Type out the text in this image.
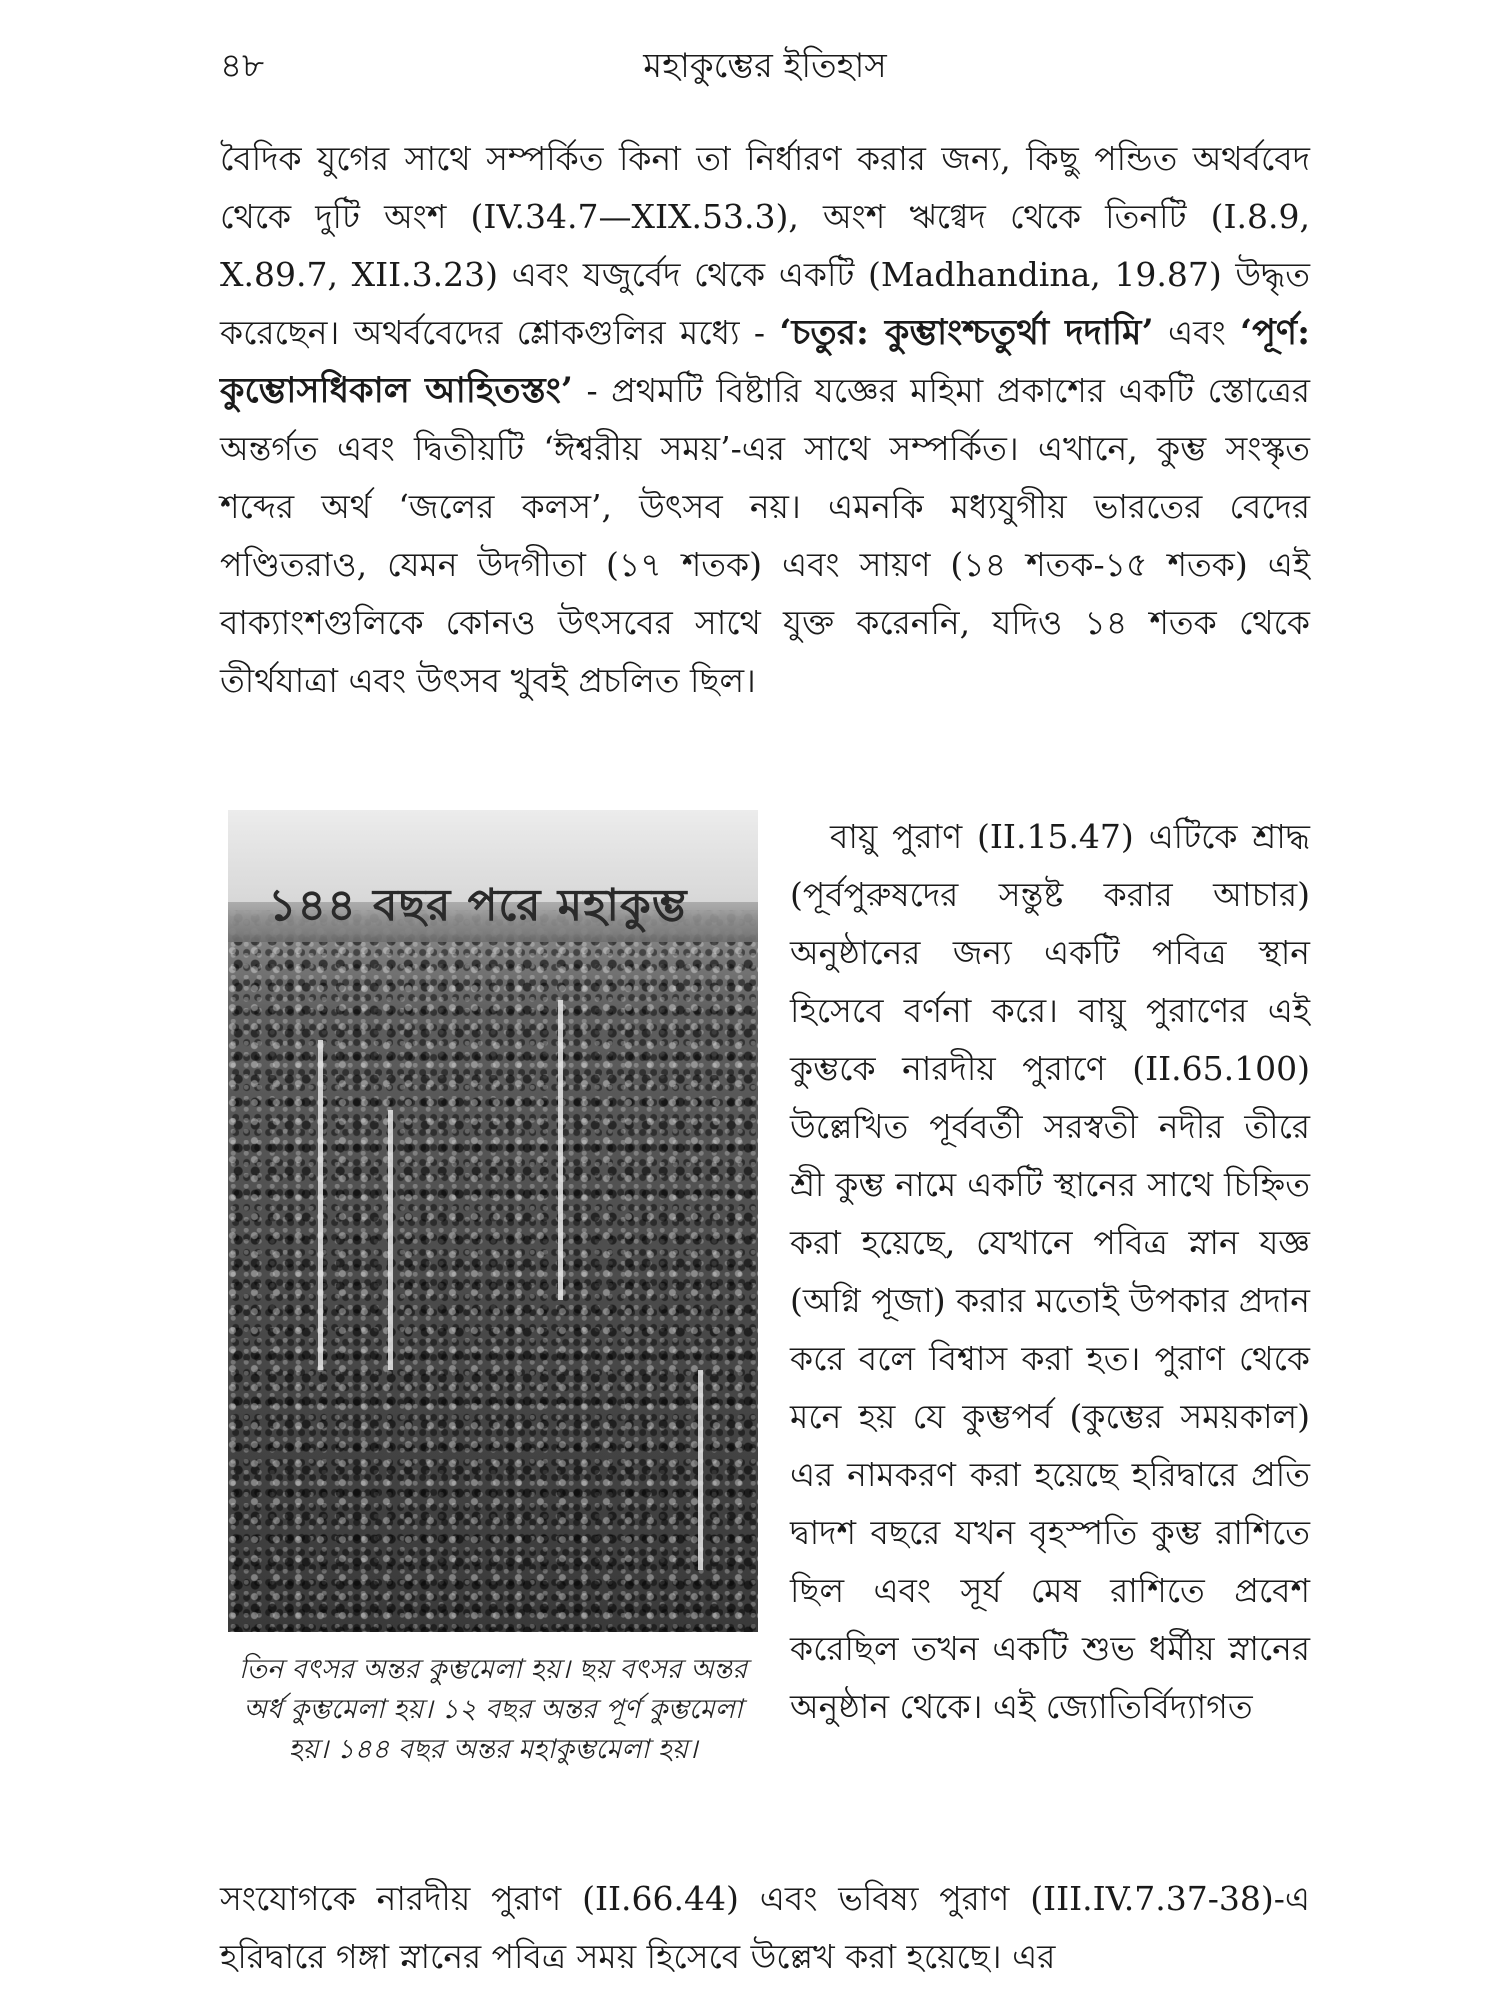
৪৮	মহাকুম্ভের ইতিহাস

বৈদিক যুগের সাথে সম্পর্কিত কিনা তা নির্ধারণ করার জন্য, কিছু পন্ডিত অথর্ববেদ থেকে দুটি অংশ (IV.34.7—XIX.53.3), অংশ ঋগ্বেদ থেকে তিনটি (I.8.9, X.89.7, XII.3.23) এবং যজুর্বেদ থেকে একটি (Madhandina, 19.87) উদ্ধৃত করেছেন। অথর্ববেদের শ্লোকগুলির মধ্যে - ‘চতুর: কুম্ভাংশ্চতুর্থা দদামি’ এবং ‘পূর্ণ: কুম্ভোসধিকাল আহিতস্তং’ - প্রথমটি বিষ্টারি যজ্ঞের মহিমা প্রকাশের একটি স্তোত্রের অন্তর্গত এবং দ্বিতীয়টি ‘ঈশ্বরীয় সময়’-এর সাথে সম্পর্কিত। এখানে, কুম্ভ সংস্কৃত শব্দের অর্থ ‘জলের কলস’, উৎসব নয়। এমনকি মধ্যযুগীয় ভারতের বেদের পণ্ডিতরাও, যেমন উদগীতা (১৭ শতক) এবং সায়ণ (১৪ শতক-১৫ শতক) এই বাক্যাংশগুলিকে কোনও উৎসবের সাথে যুক্ত করেননি, যদিও ১৪ শতক থেকে তীর্থযাত্রা এবং উৎসব খুবই প্রচলিত ছিল।

১৪৪ বছর পরে মহাকুম্ভ
তিন বৎসর অন্তর কুম্ভমেলা হয়। ছয় বৎসর অন্তর অর্ধ কুম্ভমেলা হয়। ১২ বছর অন্তর পূর্ণ কুম্ভমেলা হয়। ১৪৪ বছর অন্তর মহাকুম্ভমেলা হয়।

বায়ু পুরাণ (II.15.47) এটিকে শ্রাদ্ধ (পূর্বপুরুষদের সন্তুষ্ট করার আচার) অনুষ্ঠানের জন্য একটি পবিত্র স্থান হিসেবে বর্ণনা করে। বায়ু পুরাণের এই কুম্ভকে নারদীয় পুরাণে (II.65.100) উল্লেখিত পূর্ববর্তী সরস্বতী নদীর তীরে শ্রী কুম্ভ নামে একটি স্থানের সাথে চিহ্নিত করা হয়েছে, যেখানে পবিত্র স্নান যজ্ঞ (অগ্নি পূজা) করার মতোই উপকার প্রদান করে বলে বিশ্বাস করা হত। পুরাণ থেকে মনে হয় যে কুম্ভপর্ব (কুম্ভের সময়কাল) এর নামকরণ করা হয়েছে হরিদ্বারে প্রতি দ্বাদশ বছরে যখন বৃহস্পতি কুম্ভ রাশিতে ছিল এবং সূর্য মেষ রাশিতে প্রবেশ করেছিল তখন একটি শুভ ধর্মীয় স্নানের অনুষ্ঠান থেকে। এই জ্যোতির্বিদ্যাগত

সংযোগকে নারদীয় পুরাণ (II.66.44) এবং ভবিষ্য পুরাণ (III.IV.7.37-38)-এ হরিদ্বারে গঙ্গা স্নানের পবিত্র সময় হিসেবে উল্লেখ করা হয়েছে। এর
